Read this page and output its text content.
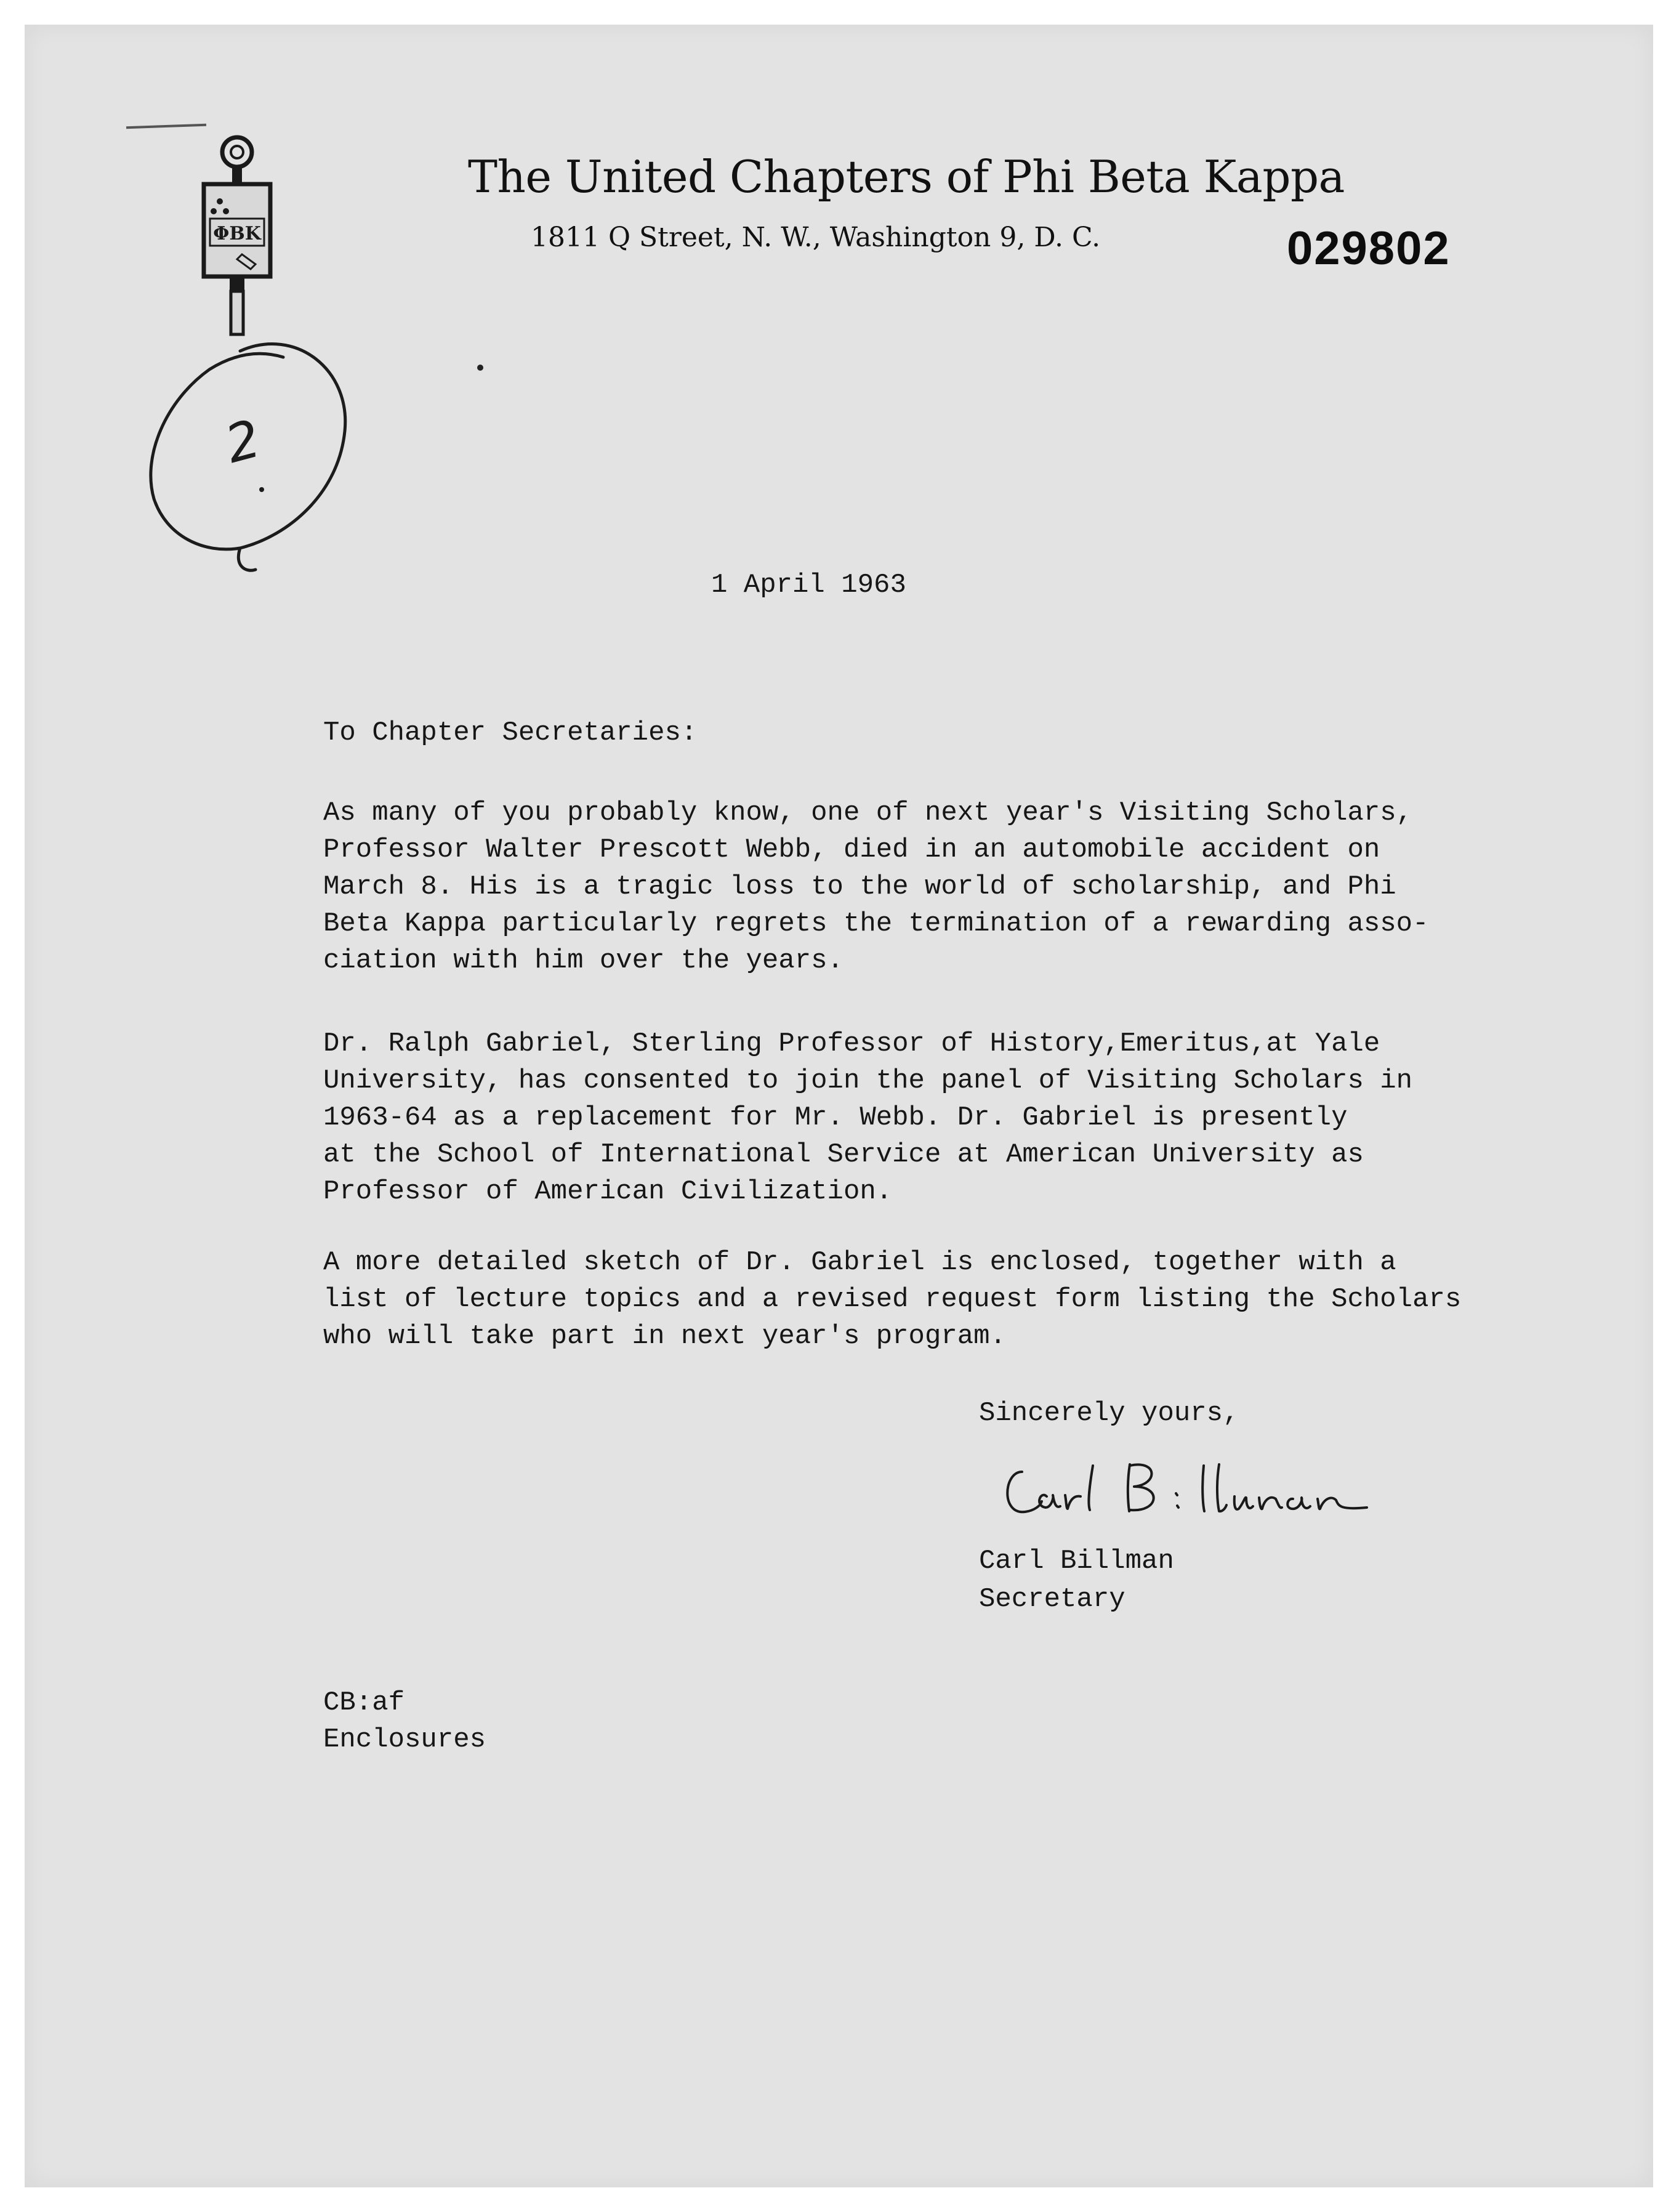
ΦΒΚ
The United Chapters of Phi Beta Kappa
1811 Q Street, N. W., Washington 9, D. C.	029802
2
1 April 1963
To Chapter Secretaries:
As many of you probably know, one of next year's Visiting Scholars,
Professor Walter Prescott Webb, died in an automobile accident on
March 8. His is a tragic loss to the world of scholarship, and Phi
Beta Kappa particularly regrets the termination of a rewarding asso-
ciation with him over the years.
Dr. Ralph Gabriel, Sterling Professor of History,Emeritus,at Yale
University, has consented to join the panel of Visiting Scholars in
1963-64 as a replacement for Mr. Webb. Dr. Gabriel is presently
at the School of International Service at American University as
Professor of American Civilization.
A more detailed sketch of Dr. Gabriel is enclosed, together with a
list of lecture topics and a revised request form listing the Scholars
who will take part in next year's program.
Sincerely yours,
Carl Billman
Secretary
CB:af
Enclosures
